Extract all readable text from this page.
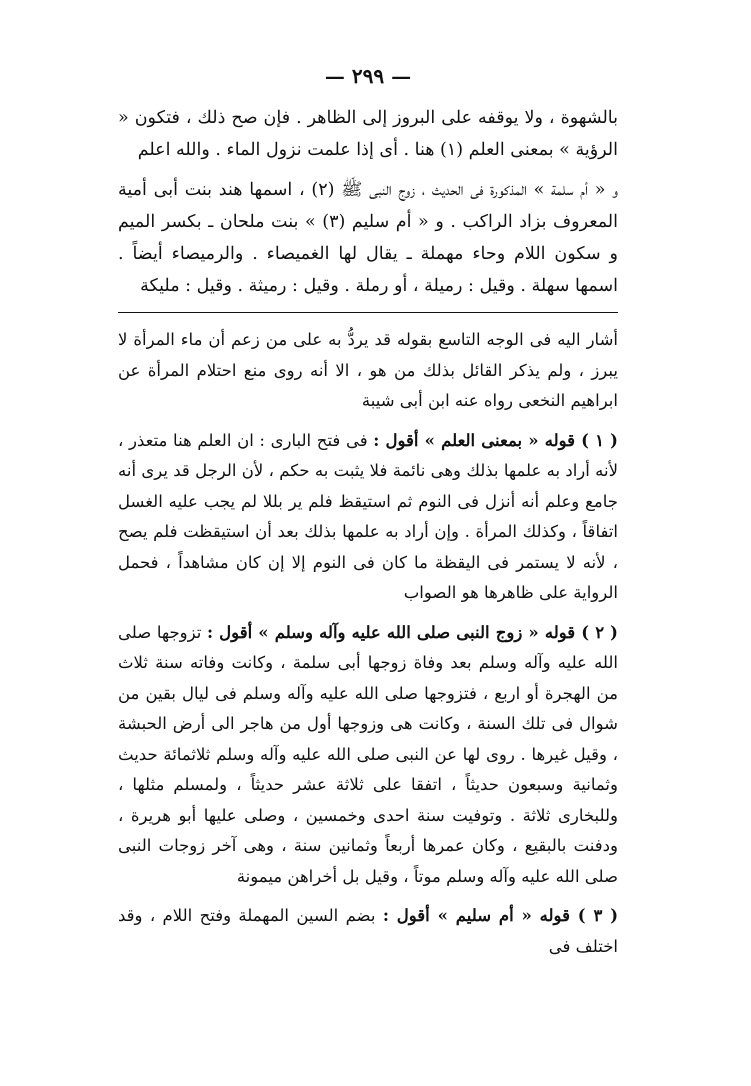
— ٢٩٩ —

بالشهوة ، ولا يوقفه على البروز إلى الظاهر . فإن صح ذلك ، فتكون « الرؤية » بمعنى العلم (١) هنا . أى إذا علمت نزول الماء . والله اعلم

و « أم سلمة » المذكورة فى الحديث ، زوج النبى ﷺ (٢) ، اسمها هند بنت أبى أمية المعروف بزاد الراكب . و « أم سليم (٣) » بنت ملحان ـ بكسر الميم و سكون اللام وحاء مهملة ـ يقال لها الغميصاء . والرميصاء أيضاً . اسمها سهلة . وقيل : رميلة ، أو رملة . وقيل : رميثة . وقيل : مليكة

أشار اليه فى الوجه التاسع بقوله قد يردُّ به على من زعم أن ماء المرأة لا يبرز ، ولم يذكر القائل بذلك من هو ، الا أنه روى منع احتلام المرأة عن ابراهيم النخعى رواه عنه ابن أبى شيبة

( ١ ) قوله « بمعنى العلم » أقول : فى فتح البارى : ان العلم هنا متعذر ، لأنه أراد به علمها بذلك وهى نائمة فلا يثبت به حكم ، لأن الرجل قد يرى أنه جامع وعلم أنه أنزل فى النوم ثم استيقظ فلم ير بللا لم يجب عليه الغسل اتفاقاً ، وكذلك المرأة . وإن أراد به علمها بذلك بعد أن استيقظت فلم يصح ، لأنه لا يستمر فى اليقظة ما كان فى النوم إلا إن كان مشاهداً ، فحمل الرواية على ظاهرها هو الصواب

( ٢ ) قوله « زوج النبى صلى الله عليه وآله وسلم » أقول : تزوجها صلى الله عليه وآله وسلم بعد وفاة زوجها أبى سلمة ، وكانت وفاته سنة ثلاث من الهجرة أو اربع ، فتزوجها صلى الله عليه وآله وسلم فى ليال بقين من شوال فى تلك السنة ، وكانت هى وزوجها أول من هاجر الى أرض الحبشة ، وقيل غيرها . روى لها عن النبى صلى الله عليه وآله وسلم ثلاثمائة حديث وثمانية وسبعون حديثاً ، اتفقا على ثلاثة عشر حديثاً ، ولمسلم مثلها ، وللبخارى ثلاثة . وتوفيت سنة احدى وخمسين ، وصلى عليها أبو هريرة ، ودفنت بالبقيع ، وكان عمرها أربعاً وثمانين سنة ، وهى آخر زوجات النبى صلى الله عليه وآله وسلم موتاً ، وقيل بل أخراهن ميمونة

( ٣ ) قوله « أم سليم » أقول : بضم السين المهملة وفتح اللام ، وقد اختلف فى
